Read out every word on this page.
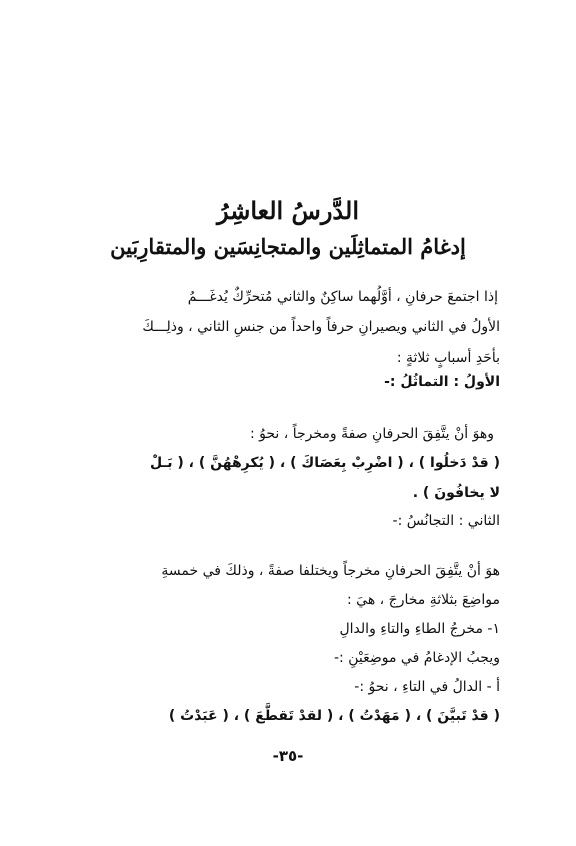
الدَّرسُ العاشِرُ
إدغامُ المتماثِلَين والمتجانِسَين والمتقارِبَين
إذا اجتمعَ حرفانِ ، أوَّلُهما ساكِنٌ والثاني مُتحرِّكٌ يُدغَـــمُ
الأولُ في الثاني ويصيرانِ حرفاً واحداً من جنسِ الثاني ، وذلِـــكَ
بأحَدِ أسبابٍ ثلاثةٍ :
الأولُ : التماثُلُ :-
وهوَ أنْ يتَّفِقَ الحرفانِ صفةً ومخرجاً ، نحوُ :
( قدْ دَخلُوا ) ، ( اضْرِبْ بِعَصَاكَ ) ، ( يُكرِهْهُنَّ ) ، ( بَـلْ
لا يخافُونَ ) .
الثاني : التجانُسُ :-
هوَ أنْ يتَّفِقَ الحرفانِ مخرجاً ويختلفا صفةً ، وذلكَ في خمسةِ
مواضِعَ بثلاثةِ مخارجَ ، هيَ :
١- مخرجُ الطاءِ والتاءِ والدالِ
ويجبُ الإدغامُ في موضِعَيْنِ :-
أ - الدالُ في التاءِ ، نحوُ :-
( قدْ تَبيَّنَ ) ، ( مَهَدْتُ ) ، ( لقدْ تَقطَّعَ ) ، ( عَبَدْتُ )
-٣٥-
